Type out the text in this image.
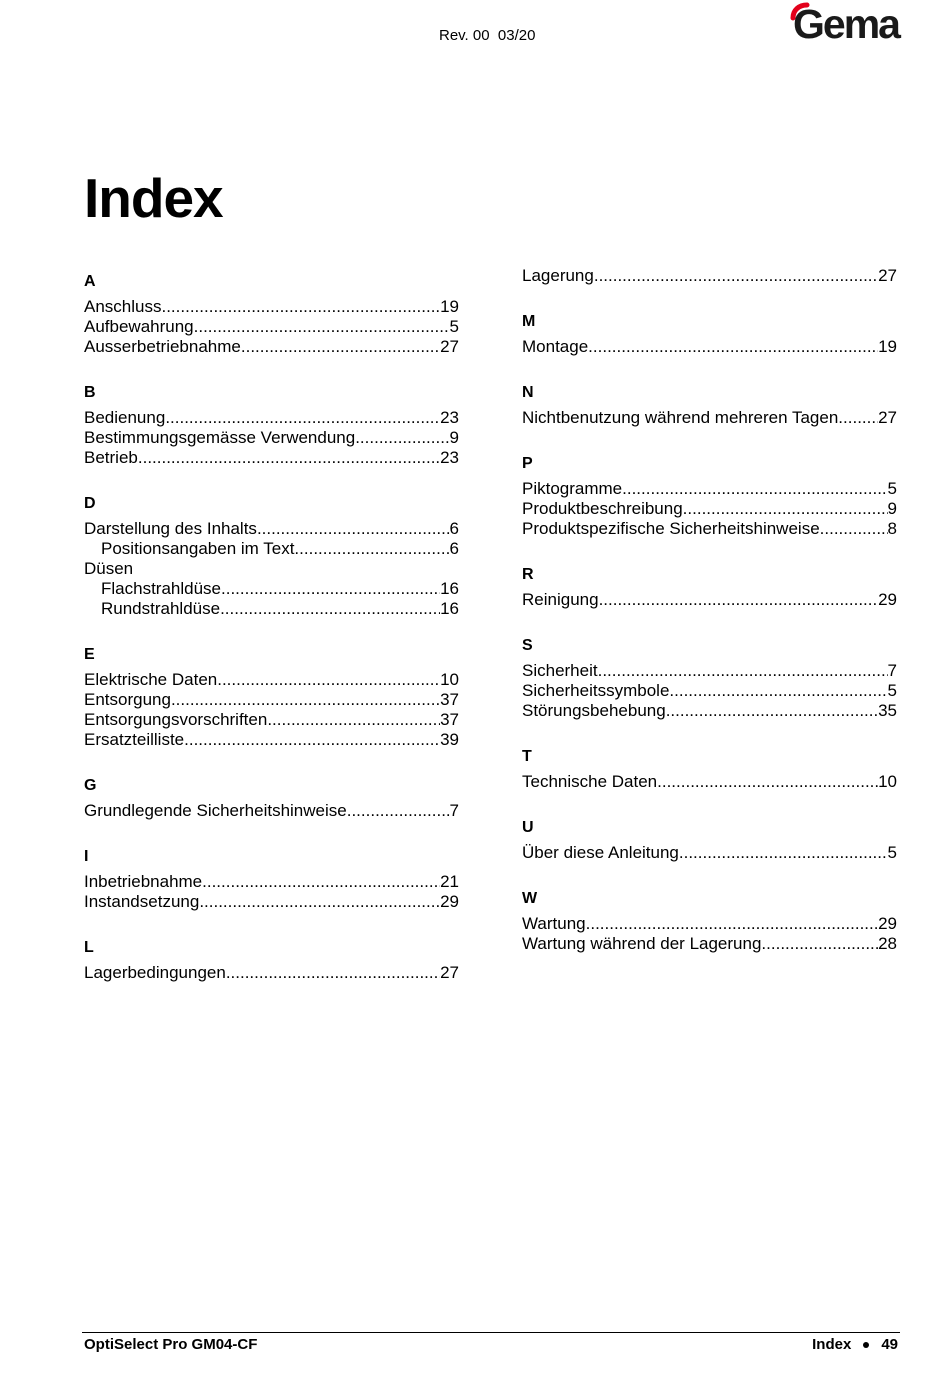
Rev. 00  03/20	Gema
Index
A
Anschluss .....	19
Aufbewahrung .....	5
Ausserbetriebnahme .....	27
B
Bedienung .....	23
Bestimmungsgemässe Verwendung .....	9
Betrieb .....	23
D
Darstellung des Inhalts .....	6
Positionsangaben im Text .....	6
Düsen
Flachstrahldüse .....	16
Rundstrahldüse .....	16
E
Elektrische Daten .....	10
Entsorgung .....	37
Entsorgungsvorschriften .....	37
Ersatzteilliste .....	39
G
Grundlegende Sicherheitshinweise .....	7
I
Inbetriebnahme .....	21
Instandsetzung .....	29
L
Lagerbedingungen .....	27
Lagerung .....	27
M
Montage .....	19
N
Nichtbenutzung während mehreren Tagen ..... 27
P
Piktogramme .....	5
Produktbeschreibung .....	9
Produktspezifische Sicherheitshinweise .....	8
R
Reinigung .....	29
S
Sicherheit .....	7
Sicherheitssymbole .....	5
Störungsbehebung .....	35
T
Technische Daten .....	10
U
Über diese Anleitung .....	5
W
Wartung .....	29
Wartung während der Lagerung .....	28
OptiSelect Pro GM04-CF	Index 49
